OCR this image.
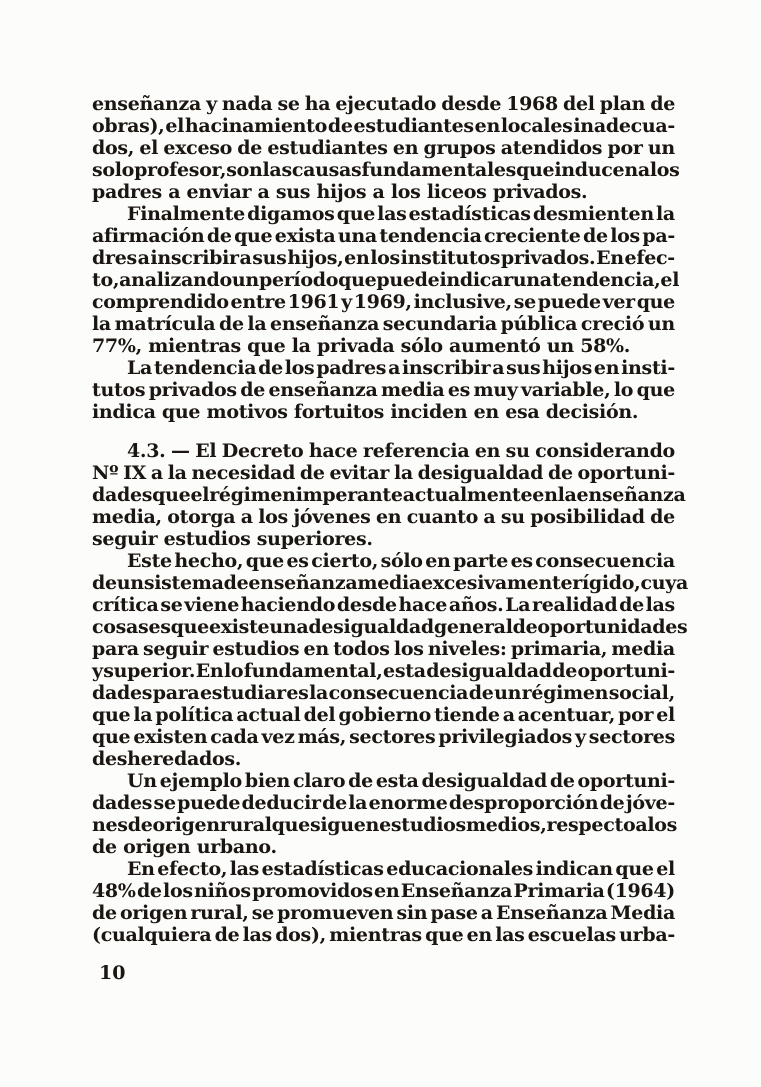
enseñanza y nada se ha ejecutado desde 1968 del plan de
obras), el hacinamiento de estudiantes en locales inadecua-
dos, el exceso de estudiantes en grupos atendidos por un
solo profesor, son las causas fundamentales que inducen a los
padres a enviar a sus hijos a los liceos privados.
Finalmente digamos que las estadísticas desmienten la
afirmación de que exista una tendencia creciente de los pa-
dres a inscribir a sus hijos, en los institutos privados. En efec-
to, analizando un período que puede indicar una tendencia, el
comprendido entre 1961 y 1969, inclusive, se puede ver que
la matrícula de la enseñanza secundaria pública creció un
77%, mientras que la privada sólo aumentó un 58%.
La tendencia de los padres a inscribir a sus hijos en insti-
tutos privados de enseñanza media es muy variable, lo que
indica que motivos fortuitos inciden en esa decisión.
4.3. — El Decreto hace referencia en su considerando
Nº IX a la necesidad de evitar la desigualdad de oportuni-
dades que el régimen imperante actualmente en la enseñanza
media, otorga a los jóvenes en cuanto a su posibilidad de
seguir estudios superiores.
Este hecho, que es cierto, sólo en parte es consecuencia
de un sistema de enseñanza media excesivamente rígido, cuya
crítica se viene haciendo desde hace años. La realidad de las
cosas es que existe una desigualdad general de oportunidades
para seguir estudios en todos los niveles: primaria, media
y superior. En lo fundamental, esta desigualdad de oportuni-
dades para estudiar es la consecuencia de un régimen social,
que la política actual del gobierno tiende a acentuar, por el
que existen cada vez más, sectores privilegiados y sectores
desheredados.
Un ejemplo bien claro de esta desigualdad de oportuni-
dades se puede deducir de la enorme desproporción de jóve-
nes de origen rural que siguen estudios medios, respecto a los
de origen urbano.
En efecto, las estadísticas educacionales indican que el
48% de los niños promovidos en Enseñanza Primaria (1964)
de origen rural, se promueven sin pase a Enseñanza Media
(cualquiera de las dos), mientras que en las escuelas urba-
10
